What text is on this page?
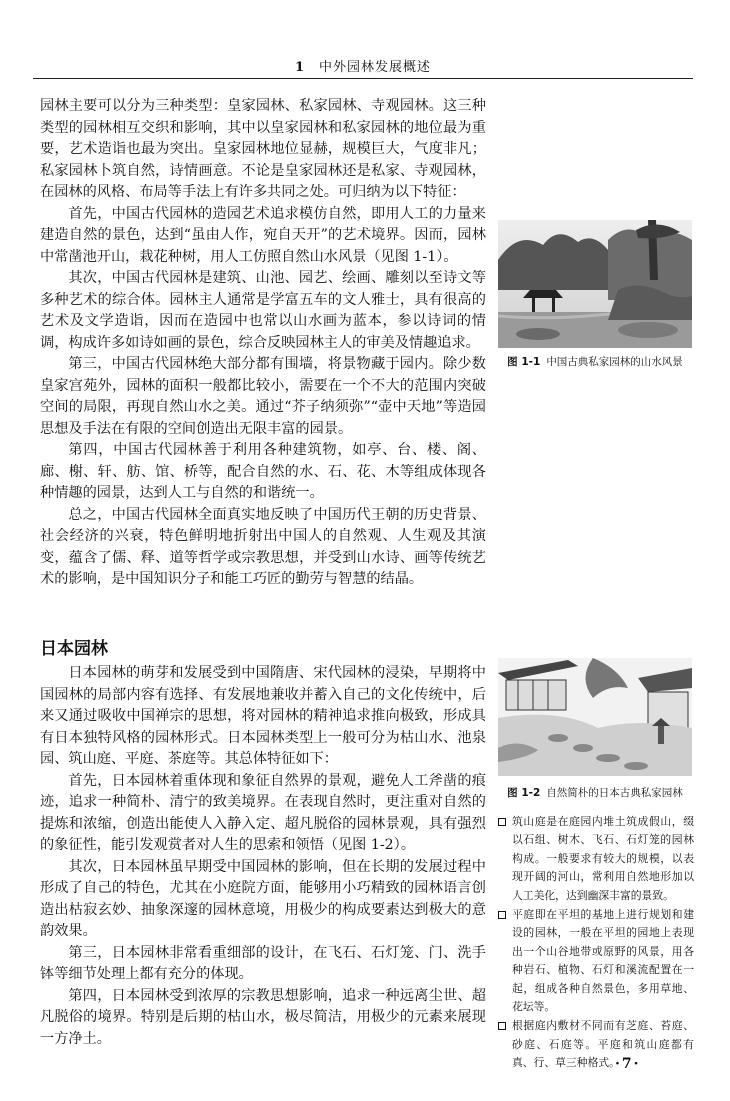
1 中外园林发展概述

园林主要可以分为三种类型：皇家园林、私家园林、寺观园林。这三种类型的园林相互交织和影响，其中以皇家园林和私家园林的地位最为重要，艺术造诣也最为突出。皇家园林地位显赫，规模巨大，气度非凡；私家园林卜筑自然，诗情画意。不论是皇家园林还是私家、寺观园林，在园林的风格、布局等手法上有许多共同之处。可归纳为以下特征：

首先，中国古代园林的造园艺术追求模仿自然，即用人工的力量来建造自然的景色，达到“虽由人作，宛自天开”的艺术境界。因而，园林中常凿池开山，栽花种树，用人工仿照自然山水风景（见图 1-1）。

其次，中国古代园林是建筑、山池、园艺、绘画、雕刻以至诗文等多种艺术的综合体。园林主人通常是学富五车的文人雅士，具有很高的艺术及文学造诣，因而在造园中也常以山水画为蓝本，参以诗词的情调，构成许多如诗如画的景色，综合反映园林主人的审美及情趣追求。

第三，中国古代园林绝大部分都有围墙，将景物藏于园内。除少数皇家宫苑外，园林的面积一般都比较小，需要在一个不大的范围内突破空间的局限，再现自然山水之美。通过“芥子纳须弥”“壶中天地”等造园思想及手法在有限的空间创造出无限丰富的园景。

第四，中国古代园林善于利用各种建筑物，如亭、台、楼、阁、廊、榭、轩、舫、馆、桥等，配合自然的水、石、花、木等组成体现各种情趣的园景，达到人工与自然的和谐统一。

总之，中国古代园林全面真实地反映了中国历代王朝的历史背景、社会经济的兴衰，特色鲜明地折射出中国人的自然观、人生观及其演变，蕴含了儒、释、道等哲学或宗教思想，并受到山水诗、画等传统艺术的影响，是中国知识分子和能工巧匠的勤劳与智慧的结晶。

日本园林

日本园林的萌芽和发展受到中国隋唐、宋代园林的浸染，早期将中国园林的局部内容有选择、有发展地兼收并蓄入自己的文化传统中，后来又通过吸收中国禅宗的思想，将对园林的精神追求推向极致，形成具有日本独特风格的园林形式。日本园林类型上一般可分为枯山水、池泉园、筑山庭、平庭、茶庭等。其总体特征如下：

首先，日本园林着重体现和象征自然界的景观，避免人工斧凿的痕迹，追求一种简朴、清宁的致美境界。在表现自然时，更注重对自然的提炼和浓缩，创造出能使人入静入定、超凡脱俗的园林景观，具有强烈的象征性，能引发观赏者对人生的思索和领悟（见图 1-2）。

其次，日本园林虽早期受中国园林的影响，但在长期的发展过程中形成了自己的特色，尤其在小庭院方面，能够用小巧精致的园林语言创造出枯寂玄妙、抽象深邃的园林意境，用极少的构成要素达到极大的意韵效果。

第三，日本园林非常看重细部的设计，在飞石、石灯笼、门、洗手钵等细节处理上都有充分的体现。

第四，日本园林受到浓厚的宗教思想影响，追求一种远离尘世、超凡脱俗的境界。特别是后期的枯山水，极尽简洁，用极少的元素来展现一方净土。

图 1-1 中国古典私家园林的山水风景
图 1-2 自然简朴的日本古典私家园林
筑山庭是在庭园内堆土筑成假山，缀以石组、树木、飞石、石灯笼的园林构成。一般要求有较大的规模，以表现开阔的河山，常利用自然地形加以人工美化，达到幽深丰富的景致。
平庭即在平坦的基地上进行规划和建设的园林，一般在平坦的园地上表现出一个山谷地带或原野的风景，用各种岩石、植物、石灯和溪流配置在一起，组成各种自然景色，多用草地、花坛等。
根据庭内敷材不同而有芝庭、苔庭、砂庭、石庭等。平庭和筑山庭都有真、行、草三种格式。
·7·
